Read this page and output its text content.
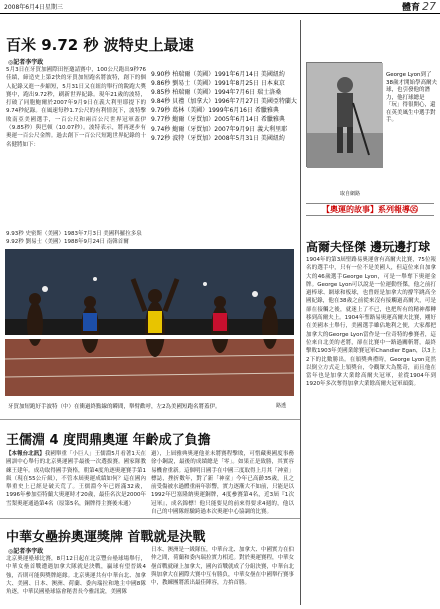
2008年6月4日星期三	體育 27
百米 9.72 秒 波特史上最速
◎記者李宇政

5月3日在牙買加國際田徑邀請賽中，100公尺跑出9秒76佳績，締造史上第2快的牙買加短跑名將波特，創下的個人紀錄又進一步縮短，5月31日又在紐約舉行的銳跑大獎賽中，跑出9.72秒，刷新世界紀錄。現年21歲的波特，打破了同胞鮑爾於2007年9月9日在義大利里耶提下的9.74秒紀錄。在風速每秒1.7公尺的有利情況下，波特擊敗南亞美國選手，一百公尺和兩百公尺世界冠軍蓋伊（9.85秒）與巴頓（10.07秒）。波特表示，將再逐步有奧運一百公尺金牌。過去創下一百公尺短跑世界紀錄的十名健將如下：

9.93秒 史密斯（美國）1983年7月3日 美國科羅拉多泉
9.92秒 劉易士（美國）1988年9月24日 南韓首爾
9.90秒 柏瑞爾（美國）1991年6月14日 美國紐約
9.86秒 劉易士（美國）1991年8月25日 日本東京
9.85秒 柏瑞爾（美國）1994年7月6日 瑞士洛桑
9.84秒 貝禮（加拿大）1996年7月27日 美國亞特蘭大
9.79秒 葛林（美國）1999年6月16日 希臘雅典
9.77秒 鮑爾（牙買加）2005年6月14日 希臘雅典
9.74秒 鮑爾（牙買加）2007年9月9日 義大利里耶
9.72秒 波特（牙買加）2008年5月31日 美國紐約
牙買加短跑好手波特（中）在衝過終點線的瞬間，舉臂歡呼，左2為美國短跑名將蓋伊。	路透
王儒淵 4 度問鼎奧運 年齡成了負擔

【本報台北訊】我國舉重「小巨人」王儒淵5月看著1天在國訓中心舉行的北京奧運國手最後一次選拔賽。國家隊教練王建年。成功取得國手資格，朝第4度角逐奧運賽手第1級（現在55公斤級），不管本屆奧運成績如何？這在國內舉重史上已經是破天荒了。王儒淵今年已經滿32歲，1996年參加亞特蘭大奧運時才20歲，最佳名次是2000年雪梨奧運通過第4名（原第5名，銅牌得主賽後未通）

過），上屆雅典奧運他並未將賽程擊敗，可惜藏奧國度事務徐小鋼說，最後的成績總是「零」。如果正是致勝，其實容易機會重新。這個明日國手在中國三度取得上月其「神童」標誌，挫折數年，對了新「神童」今年已高齡35歲，且之前受傷被水過體重兩年影響，實力逐漸大不如前，只能是以1992年巴塞隆納奧運銅牌，4度參賽第4名，近3屆『1次冠軍』，成名錦標！他只能要見的前來得要求4週的，他以自己的中國隊經驗跨過本次奧運中心協調的比賽。

中華女壘拚奧運獎牌 首戰就是決戰
◎記者李宇政

北京奧運壘球比賽，8月12日起在北京豐台壘球場舉行，中華女壘首戰遭遇加拿大隊就是決戰，贏球有望晉級4強，否則可能與獎牌絕緣。北京奧運共有中華台北、加拿大、美國、日本、澳洲、荷蘭、委內瑞拉和地主中國8隊角逐，中華民國壘球協會秘書長今雅訊說，美國隊

日本、澳洲是一級隊伍，中華台北、加拿大、中國實力在伯仲之間，荷蘭和委內瑞拉實力相近。對於奧運賽程，中華女壘首戰就碰上加拿大，國內首戰就成了分組決賽，中華台北與加拿大在國際大賽中互有勝負，中華女壘在中國舉行賽事中，教練團將派出最佳陣容，力拚首勝。

George Lyon到了38歲才開始學高爾夫球，也引發他的潛力，他打球總是「玩」得很開心，還在英美風生中選手對手。
取自網路
【奧運的故事】系列報導㉟
高爾夫怪傑 邊玩邊打球

1904年的第3屆聖路易奧運會有高爾夫比賽，75位報名的選手中，只有一位不是美國人，但這位來自加拿大的46歲選手George Lyon，可是一舉奪下奧運金牌。George Lyon可以說是一位運動怪傑，他之前打過棒球、網球和板球，也曾經是加拿大的撐竿跳高全國紀錄，他在38歲之前從來沒有接觸過高爾夫，可是卻在接觸之後，就迷上了不已，也把所有的精神都轉移到高爾夫上。1904年聖路易奧運高爾夫比賽，剛好在美國本土舉行，美國選手雖佔地利之便，大家都把加拿大的George Lyon當作是一位奇特的參賽者，這位來自北美的老將，卻在比賽中一路過關斬將，最終擊敗1903年美國業餘賽冠軍Chandler Egan，以3上2下的比數勝出。在頒獎典禮時，George Lyon竟然以倒立方式走上領獎台，令觀眾大為驚奇，而且他在當年也是加拿大業餘高爾夫冠軍，並從1904年到1920年多次奪得加拿大業餘高爾夫冠軍頭銜。
